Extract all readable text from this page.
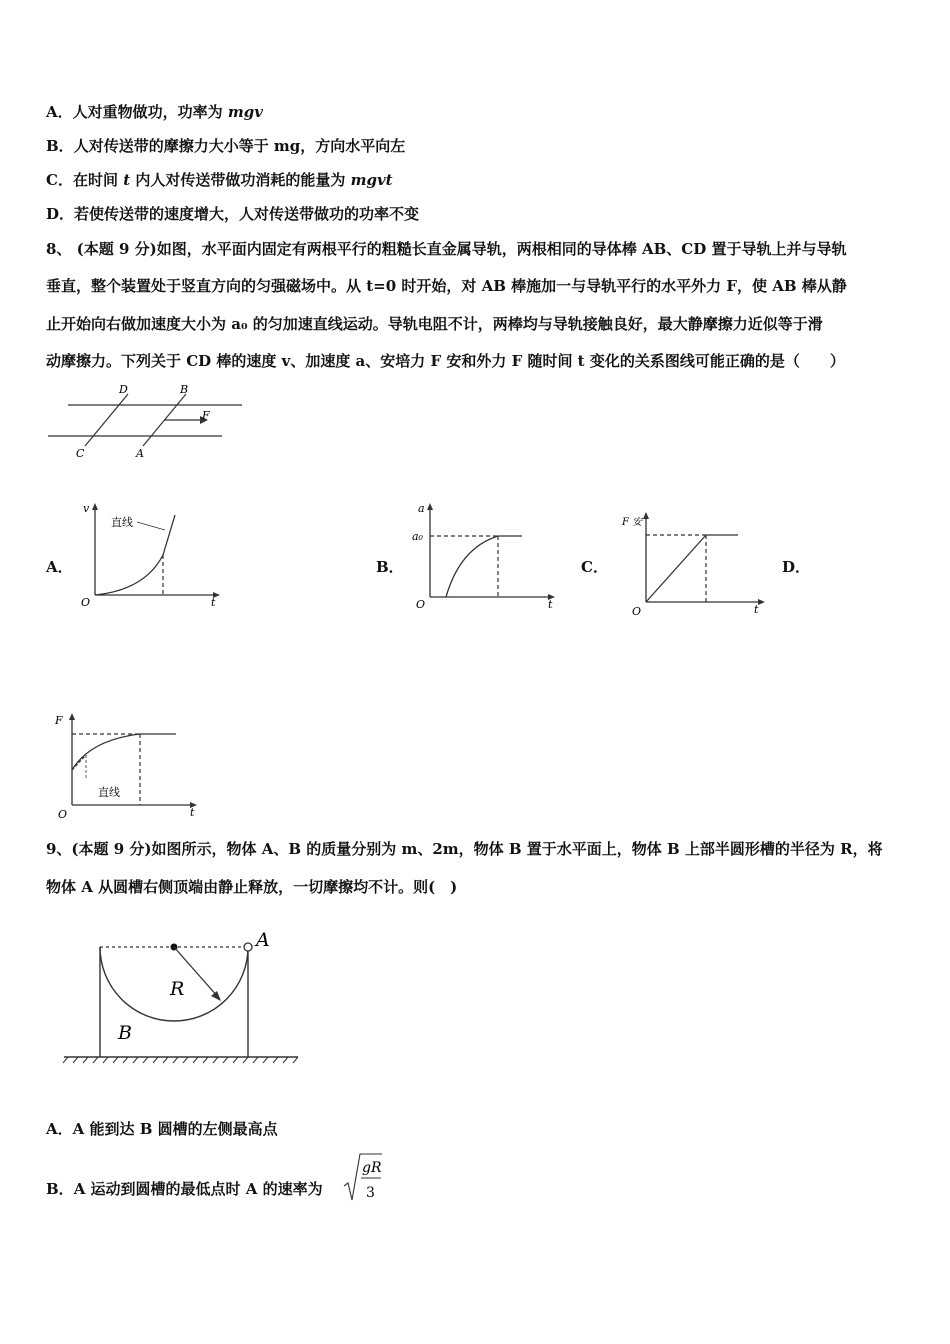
A．人对重物做功，功率为 mgv
B．人对传送带的摩擦力大小等于 mg，方向水平向左
C．在时间 t 内人对传送带做功消耗的能量为 mgvt
D．若使传送带的速度增大，人对传送带做功的功率不变
8、 (本题 9 分)如图，水平面内固定有两根平行的粗糙长直金属导轨，两根相同的导体棒 AB、CD 置于导轨上并与导轨
垂直，整个装置处于竖直方向的匀强磁场中。从 t=0 时开始，对 AB 棒施加一与导轨平行的水平外力 F，使 AB 棒从静
止开始向右做加速度大小为 a₀ 的匀加速直线运动。导轨电阻不计，两棒均与导轨接触良好，最大静摩擦力近似等于滑
动摩擦力。下列关于 CD 棒的速度 v、加速度 a、安培力 F 安和外力 F 随时间 t 变化的关系图线可能正确的是（　　）
D	B
C	A
F
A．	B．	C．	D．
v
t
O
直线
a
a₀
t
O
F 安
t
O
F
t
O
直线
9、(本题 9 分)如图所示，物体 A、B 的质量分别为 m、2m，物体 B 置于水平面上，物体 B 上部半圆形槽的半径为 R，将
物体 A 从圆槽右侧顶端由静止释放，一切摩擦均不计。则(　)
A
R
B
A．A 能到达 B 圆槽的左侧最高点
B．A 运动到圆槽的最低点时 A 的速率为
gR
3
